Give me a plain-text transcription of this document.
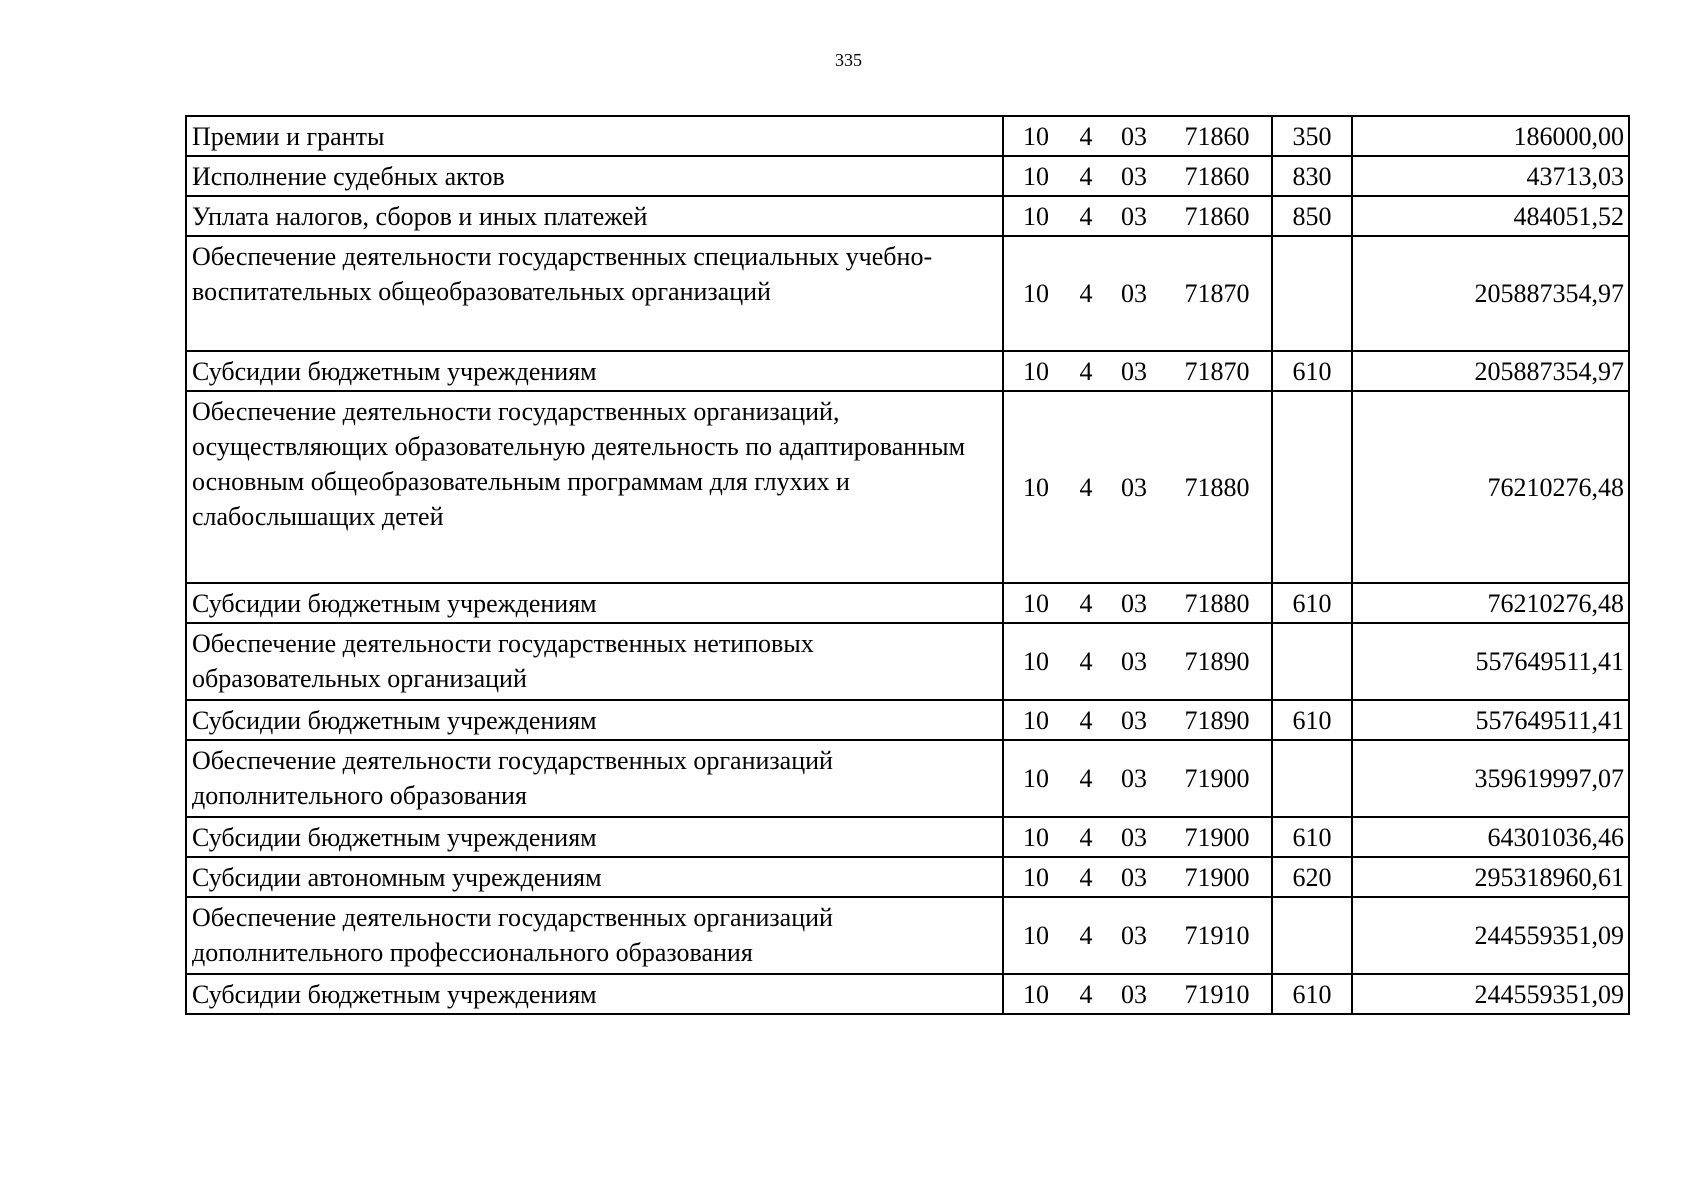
335
Премии и гранты	10 4 03 71860	350	186000,00
Исполнение судебных актов	10 4 03 71860	830	43713,03
Уплата налогов, сборов и иных платежей	10 4 03 71860	850	484051,52
Обеспечение деятельности государственных специальных учебно-воспитательных общеобразовательных организаций	10 4 03 71870		205887354,97
Субсидии бюджетным учреждениям	10 4 03 71870	610	205887354,97
Обеспечение деятельности государственных организаций, осуществляющих образовательную деятельность по адаптированным основным общеобразовательным программам для глухих и слабослышащих детей	10 4 03 71880		76210276,48
Субсидии бюджетным учреждениям	10 4 03 71880	610	76210276,48
Обеспечение деятельности государственных нетиповых образовательных организаций	10 4 03 71890		557649511,41
Субсидии бюджетным учреждениям	10 4 03 71890	610	557649511,41
Обеспечение деятельности государственных организаций дополнительного образования	10 4 03 71900		359619997,07
Субсидии бюджетным учреждениям	10 4 03 71900	610	64301036,46
Субсидии автономным учреждениям	10 4 03 71900	620	295318960,61
Обеспечение деятельности государственных организаций дополнительного профессионального образования	10 4 03 71910		244559351,09
Субсидии бюджетным учреждениям	10 4 03 71910	610	244559351,09
